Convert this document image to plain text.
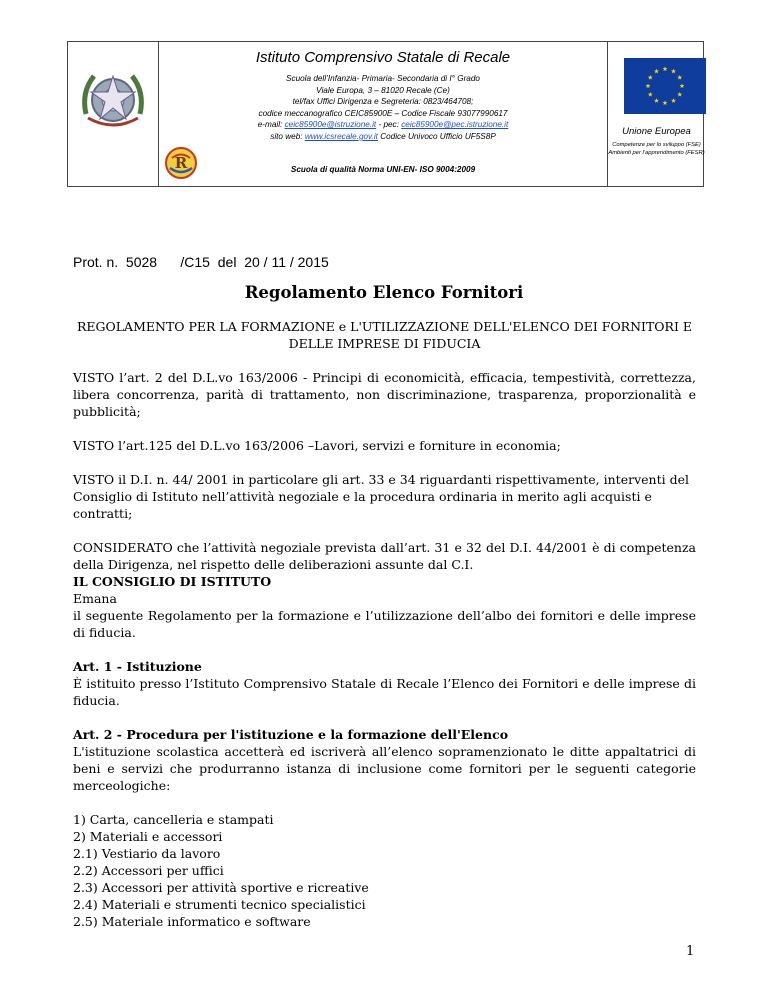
Istituto Comprensivo Statale di Recale
Scuola dell’Infanzia- Primaria- Secondaria di I° Grado
Viale Europa, 3 – 81020 Recale (Ce)
tel/fax Uffici Dirigenza e Segreteria: 0823/464708;
codice meccanografico CEIC85900E – Codice Fiscale 93077990617
e-mail: ceic85900e@istruzione.it - pec: ceic85900e@pec.istruzione.it
sito web: www.icsrecale.gov.it Codice Univoco Ufficio UF5S8P
Scuola di qualità Norma UNI-EN- ISO 9004:2009
R
Unione Europea
Competenze per lo sviluppo (FSE)
Ambienti per l’apprendimento (FESR)
Prot. n.  5028      /C15  del  20 / 11 / 2015
Regolamento Elenco Fornitori

REGOLAMENTO PER LA FORMAZIONE e L'UTILIZZAZIONE DELL'ELENCO DEI FORNITORI E DELLE IMPRESE DI FIDUCIA

VISTO l’art. 2 del D.L.vo 163/2006 - Principi di economicità, efficacia, tempestività, correttezza, libera concorrenza, parità di trattamento, non discriminazione, trasparenza, proporzionalità e pubblicità;

VISTO l’art.125 del D.L.vo 163/2006 –Lavori, servizi e forniture in economia;

VISTO il D.I. n. 44/ 2001 in particolare gli art. 33 e 34 riguardanti rispettivamente, interventi del Consiglio di Istituto nell’attività negoziale e la procedura ordinaria in merito agli acquisti e contratti;

CONSIDERATO che l’attività negoziale prevista dall’art. 31 e 32 del D.I. 44/2001 è di competenza della Dirigenza, nel rispetto delle deliberazioni assunte dal C.I.

IL CONSIGLIO DI ISTITUTO

Emana

il seguente Regolamento per la formazione e l’utilizzazione dell’albo dei fornitori e delle imprese di fiducia.

Art. 1 - Istituzione

È istituito presso l’Istituto Comprensivo Statale di Recale l’Elenco dei Fornitori e delle imprese di fiducia.

Art. 2 - Procedura per l'istituzione e la formazione dell'Elenco

L'istituzione scolastica accetterà ed iscriverà all’elenco sopramenzionato le ditte appaltatrici di beni e servizi che produrranno istanza di inclusione come fornitori per le seguenti categorie merceologiche:

1) Carta, cancelleria e stampati

2) Materiali e accessori

2.1) Vestiario da lavoro

2.2) Accessori per uffici

2.3) Accessori per attività sportive e ricreative

2.4) Materiali e strumenti tecnico specialistici

2.5) Materiale informatico e software

1
